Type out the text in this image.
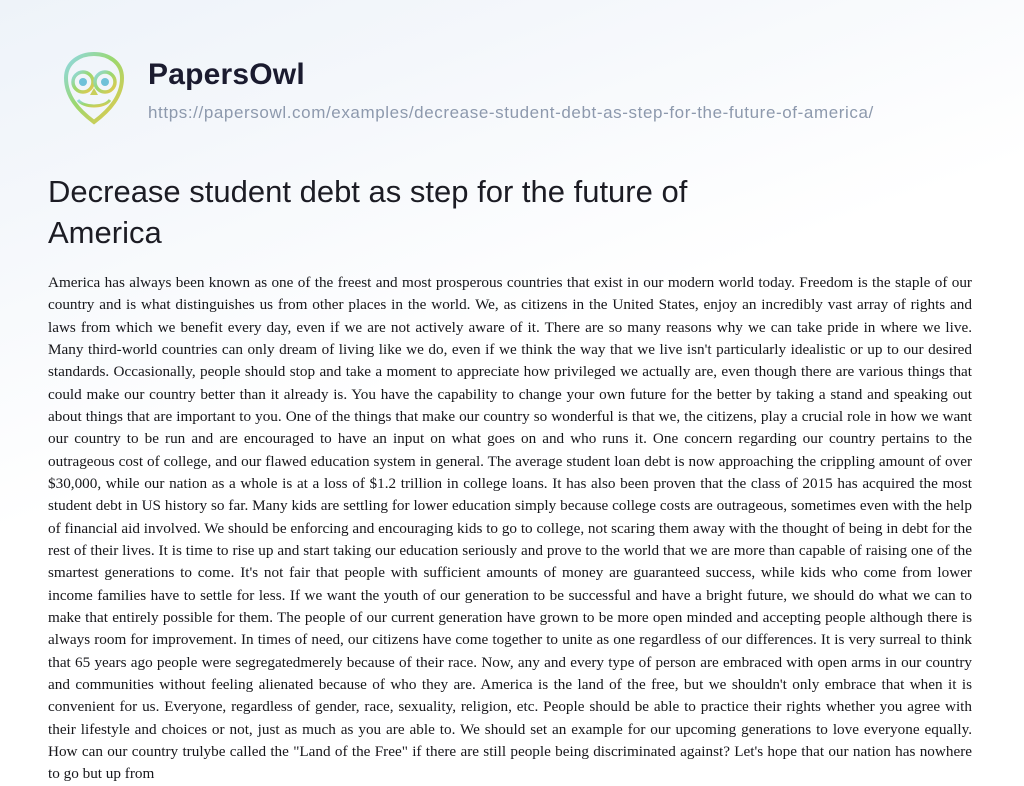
PapersOwl
https://papersowl.com/examples/decrease-student-debt-as-step-for-the-future-of-america/
Decrease student debt as step for the future of America

America has always been known as one of the freest and most prosperous countries that exist in our modern world today. Freedom is the staple of our country and is what distinguishes us from other places in the world. We, as citizens in the United States, enjoy an incredibly vast array of rights and laws from which we benefit every day, even if we are not actively aware of it. There are so many reasons why we can take pride in where we live. Many third-world countries can only dream of living like we do, even if we think the way that we live isn't particularly idealistic or up to our desired standards. Occasionally, people should stop and take a moment to appreciate how privileged we actually are, even though there are various things that could make our country better than it already is. You have the capability to change your own future for the better by taking a stand and speaking out about things that are important to you. One of the things that make our country so wonderful is that we, the citizens, play a crucial role in how we want our country to be run and are encouraged to have an input on what goes on and who runs it. One concern regarding our country pertains to the outrageous cost of college, and our flawed education system in general. The average student loan debt is now approaching the crippling amount of over $30,000, while our nation as a whole is at a loss of $1.2 trillion in college loans. It has also been proven that the class of 2015 has acquired the most student debt in US history so far. Many kids are settling for lower education simply because college costs are outrageous, sometimes even with the help of financial aid involved. We should be enforcing and encouraging kids to go to college, not scaring them away with the thought of being in debt for the rest of their lives. It is time to rise up and start taking our education seriously and prove to the world that we are more than capable of raising one of the smartest generations to come. It's not fair that people with sufficient amounts of money are guaranteed success, while kids who come from lower income families have to settle for less. If we want the youth of our generation to be successful and have a bright future, we should do what we can to make that entirely possible for them. The people of our current generation have grown to be more open minded and accepting people although there is always room for improvement. In times of need, our citizens have come together to unite as one regardless of our differences. It is very surreal to think that 65 years ago people were segregatedmerely because of their race. Now, any and every type of person are embraced with open arms in our country and communities without feeling alienated because of who they are. America is the land of the free, but we shouldn't only embrace that when it is convenient for us. Everyone, regardless of gender, race, sexuality, religion, etc. People should be able to practice their rights whether you agree with their lifestyle and choices or not, just as much as you are able to. We should set an example for our upcoming generations to love everyone equally. How can our country trulybe called the "Land of the Free" if there are still people being discriminated against? Let's hope that our nation has nowhere to go but up from
